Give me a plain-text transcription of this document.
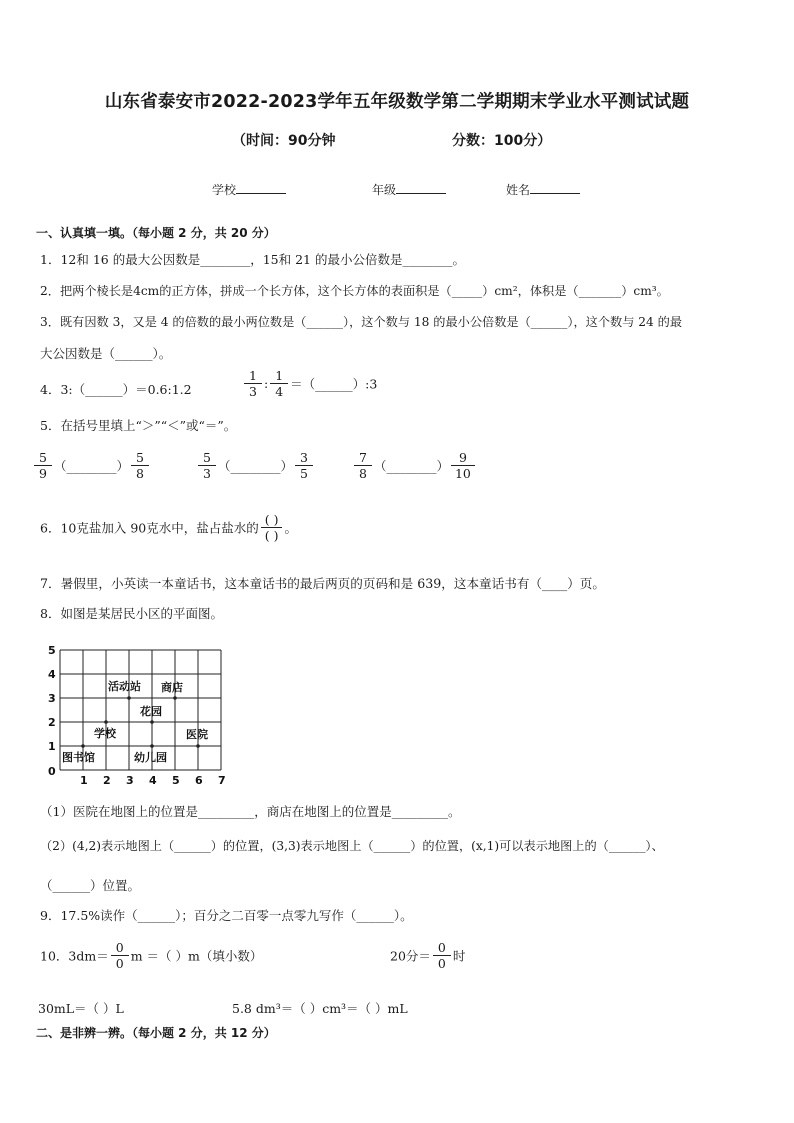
山东省泰安市2022-2023学年五年级数学第二学期期末学业水平测试试题
（时间：90分钟	分数：100分）
学校	年级	姓名
一、认真填一填。（每小题 2 分，共 20 分）
1．12和 16 的最大公因数是________，15和 21 的最小公倍数是________。
2．把两个棱长是4cm的正方体，拼成一个长方体，这个长方体的表面积是（_____）cm²，体积是（_______）cm³。
3．既有因数 3，又是 4 的倍数的最小两位数是（______），这个数与 18 的最小公倍数是（______），这个数与 24 的最
大公因数是（______）。
4．3:（______）＝0.6:1.2	$\frac{1}{3}$ : $\frac{1}{4}$ ＝（______）:3
5．在括号里填上“＞”“＜”或“＝”。
$\frac{5}{9}$ （________） $\frac{5}{8}$	$\frac{5}{3}$ （________） $\frac{3}{5}$	$\frac{7}{8}$ （________） $\frac{9}{10}$
6．10克盐加入 90克水中，盐占盐水的 $\frac{( )}{( )}$ 。
7．暑假里，小英读一本童话书，这本童话书的最后两页的页码和是 639，这本童话书有（____）页。
8．如图是某居民小区的平面图。
图书馆
学校
活动站 商店
花园
幼儿园
医院
0
1 2 3 4 5 6 7
1
2
3
4
5
（1）医院在地图上的位置是_________，商店在地图上的位置是_________。
（2）(4,2)表示地图上（______）的位置，(3,3)表示地图上（______）的位置，(x,1)可以表示地图上的（______）、
（______）位置。
9．17.5%读作（______）；百分之二百零一点零九写作（______）。
10．$3dm= \frac{0}{0}$ m ＝（ ）m（填小数）	20分＝ $\frac{0}{0}$ 时
30mL＝（ ）L	5.8 dm³＝（ ）cm³＝（ ）mL
二、是非辨一辨。（每小题 2 分，共 12 分）
